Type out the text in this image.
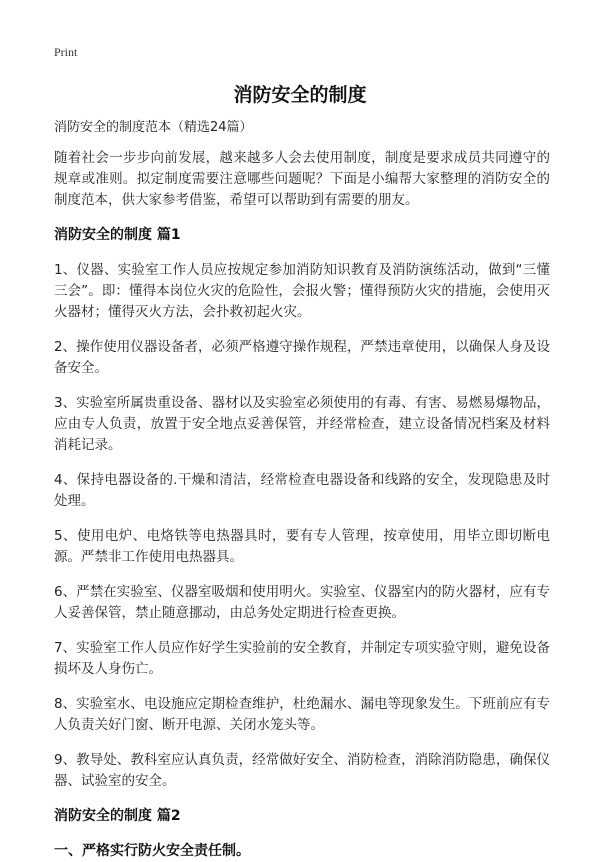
Print
消防安全的制度

消防安全的制度范本（精选24篇）

随着社会一步步向前发展，越来越多人会去使用制度，制度是要求成员共同遵守的规章或准则。拟定制度需要注意哪些问题呢？下面是小编帮大家整理的消防安全的制度范本，供大家参考借鉴，希望可以帮助到有需要的朋友。

消防安全的制度 篇1

1、仪器、实验室工作人员应按规定参加消防知识教育及消防演练活动，做到“三懂三会”。即：懂得本岗位火灾的危险性，会报火警；懂得预防火灾的措施，会使用灭火器材；懂得灭火方法，会扑救初起火灾。

2、操作使用仪器设备者，必须严格遵守操作规程，严禁违章使用，以确保人身及设备安全。

3、实验室所属贵重设备、器材以及实验室必须使用的有毒、有害、易燃易爆物品，应由专人负责，放置于安全地点妥善保管，并经常检查，建立设备情况档案及材料消耗记录。

4、保持电器设备的.干燥和清洁，经常检查电器设备和线路的安全，发现隐患及时处理。

5、使用电炉、电烙铁等电热器具时，要有专人管理，按章使用，用毕立即切断电源。严禁非工作使用电热器具。

6、严禁在实验室、仪器室吸烟和使用明火。实验室、仪器室内的防火器材，应有专人妥善保管，禁止随意挪动，由总务处定期进行检查更换。

7、实验室工作人员应作好学生实验前的安全教育，并制定专项实验守则，避免设备损坏及人身伤亡。

8、实验室水、电设施应定期检查维护，杜绝漏水、漏电等现象发生。下班前应有专人负责关好门窗、断开电源、关闭水笼头等。

9、教导处、教科室应认真负责，经常做好安全、消防检查，消除消防隐患，确保仪器、试验室的安全。

消防安全的制度 篇2
一、严格实行防火安全责任制。
